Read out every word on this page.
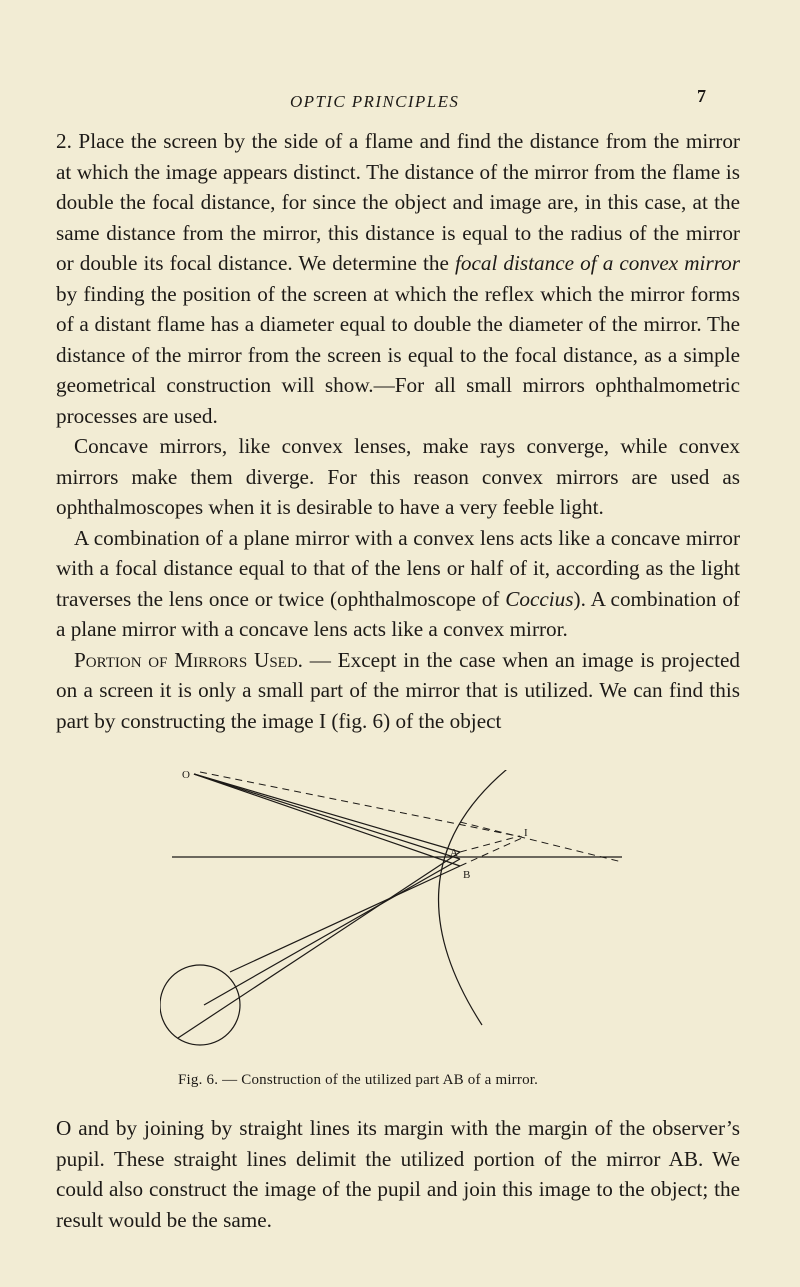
OPTIC PRINCIPLES	7

2. Place the screen by the side of a flame and find the distance from the mirror at which the image appears distinct. The distance of the mirror from the flame is double the focal distance, for since the object and image are, in this case, at the same distance from the mirror, this distance is equal to the radius of the mirror or double its focal distance. We determine the focal distance of a convex mirror by finding the position of the screen at which the reflex which the mirror forms of a distant flame has a diameter equal to double the diameter of the mirror. The distance of the mirror from the screen is equal to the focal distance, as a simple geometrical construction will show.—For all small mirrors ophthalmometric processes are used.

Concave mirrors, like convex lenses, make rays converge, while convex mirrors make them diverge. For this reason convex mirrors are used as ophthalmoscopes when it is desirable to have a very feeble light.

A combination of a plane mirror with a convex lens acts like a concave mirror with a focal distance equal to that of the lens or half of it, according as the light traverses the lens once or twice (ophthalmoscope of Coccius). A combination of a plane mirror with a concave lens acts like a convex mirror.

Portion of Mirrors Used. — Except in the case when an image is projected on a screen it is only a small part of the mirror that is utilized. We can find this part by constructing the image I (fig. 6) of the object

O
I
A
B
Fig. 6. — Construction of the utilized part AB of a mirror.

O and by joining by straight lines its margin with the margin of the observer’s pupil. These straight lines delimit the utilized portion of the mirror AB. We could also construct the image of the pupil and join this image to the object; the result would be the same.
